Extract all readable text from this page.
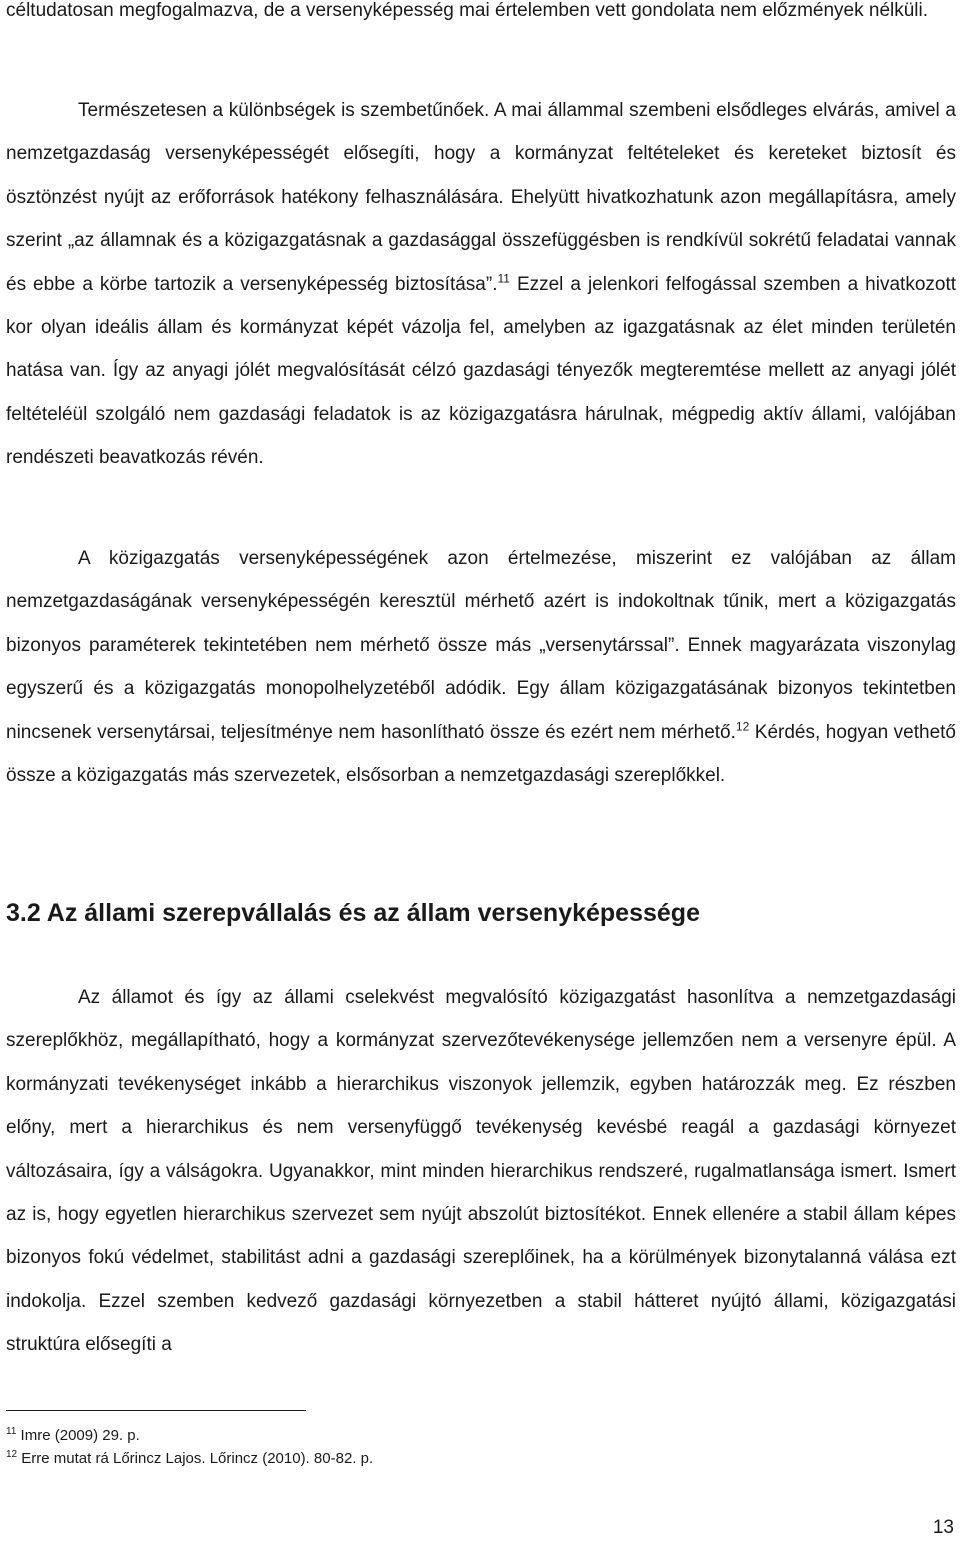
céltudatosan megfogalmazva, de a versenyképesség mai értelemben vett gondolata nem előzmények nélküli.

Természetesen a különbségek is szembetűnőek. A mai állammal szembeni elsődleges elvárás, amivel a nemzetgazdaság versenyképességét elősegíti, hogy a kormányzat feltételeket és kereteket biztosít és ösztönzést nyújt az erőforrások hatékony felhasználására. Ehelyütt hivatkozhatunk azon megállapításra, amely szerint „az államnak és a közigazgatásnak a gazdasággal összefüggésben is rendkívül sokrétű feladatai vannak és ebbe a körbe tartozik a versenyképesség biztosítása”.$^{11}$ Ezzel a jelenkori felfogással szemben a hivatkozott kor olyan ideális állam és kormányzat képét vázolja fel, amelyben az igazgatásnak az élet minden területén hatása van. Így az anyagi jólét megvalósítását célzó gazdasági tényezők megteremtése mellett az anyagi jólét feltételéül szolgáló nem gazdasági feladatok is az közigazgatásra hárulnak, mégpedig aktív állami, valójában rendészeti beavatkozás révén.

A közigazgatás versenyképességének azon értelmezése, miszerint ez valójában az állam nemzetgazdaságának versenyképességén keresztül mérhető azért is indokoltnak tűnik, mert a közigazgatás bizonyos paraméterek tekintetében nem mérhető össze más „versenytárssal”. Ennek magyarázata viszonylag egyszerű és a közigazgatás monopolhelyzetéből adódik. Egy állam közigazgatásának bizonyos tekintetben nincsenek versenytársai, teljesítménye nem hasonlítható össze és ezért nem mérhető.$^{12}$ Kérdés, hogyan vethető össze a közigazgatás más szervezetek, elsősorban a nemzetgazdasági szereplőkkel.

3.2 Az állami szerepvállalás és az állam versenyképessége

Az államot és így az állami cselekvést megvalósító közigazgatást hasonlítva a nemzetgazdasági szereplőkhöz, megállapítható, hogy a kormányzat szervezőtevékenysége jellemzően nem a versenyre épül. A kormányzati tevékenységet inkább a hierarchikus viszonyok jellemzik, egyben határozzák meg. Ez részben előny, mert a hierarchikus és nem versenyfüggő tevékenység kevésbé reagál a gazdasági környezet változásaira, így a válságokra. Ugyanakkor, mint minden hierarchikus rendszeré, rugalmatlansága ismert. Ismert az is, hogy egyetlen hierarchikus szervezet sem nyújt abszolút biztosítékot. Ennek ellenére a stabil állam képes bizonyos fokú védelmet, stabilitást adni a gazdasági szereplőinek, ha a körülmények bizonytalanná válása ezt indokolja. Ezzel szemben kedvező gazdasági környezetben a stabil hátteret nyújtó állami, közigazgatási struktúra elősegíti a

$^{11}$ Imre (2009) 29. p.

$^{12}$ Erre mutat rá Lőrincz Lajos. Lőrincz (2010). 80-82. p.

13
